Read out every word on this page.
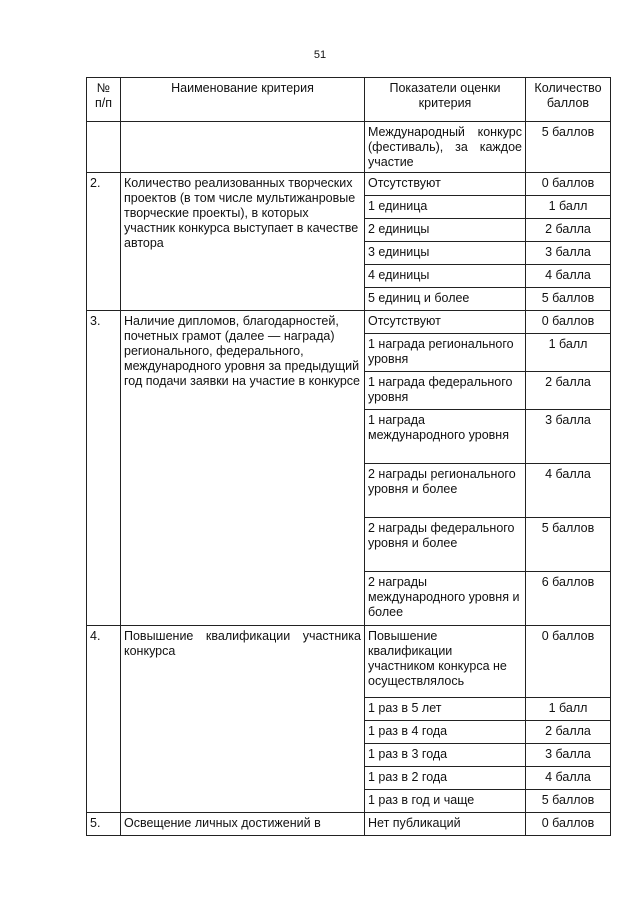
51
№ п/п	Наименование критерия	Показатели оценки критерия	Количество баллов
		Международный конкурс (фестиваль), за каждое участие	5 баллов
2.	Количество реализованных творческих проектов (в том числе мультижанровые творческие проекты), в которых участник конкурса выступает в качестве автора	Отсутствуют	0 баллов
		1 единица	1 балл
		2 единицы	2 балла
		3 единицы	3 балла
		4 единицы	4 балла
		5 единиц и более	5 баллов
3.	Наличие дипломов, благодарностей, почетных грамот (далее — награда) регионального, федерального, международного уровня за предыдущий год подачи заявки на участие в конкурсе	Отсутствуют	0 баллов
		1 награда регионального уровня	1 балл
		1 награда федерального уровня	2 балла
		1 награда международного уровня	3 балла
		2 награды регионального уровня и более	4 балла
		2 награды федерального уровня и более	5 баллов
		2 награды международного уровня и более	6 баллов
4.	Повышение квалификации участника конкурса	Повышение квалификации участником конкурса не осуществлялось	0 баллов
		1 раз в 5 лет	1 балл
		1 раз в 4 года	2 балла
		1 раз в 3 года	3 балла
		1 раз в 2 года	4 балла
		1 раз в год и чаще	5 баллов
5.	Освещение личных достижений в	Нет публикаций	0 баллов
